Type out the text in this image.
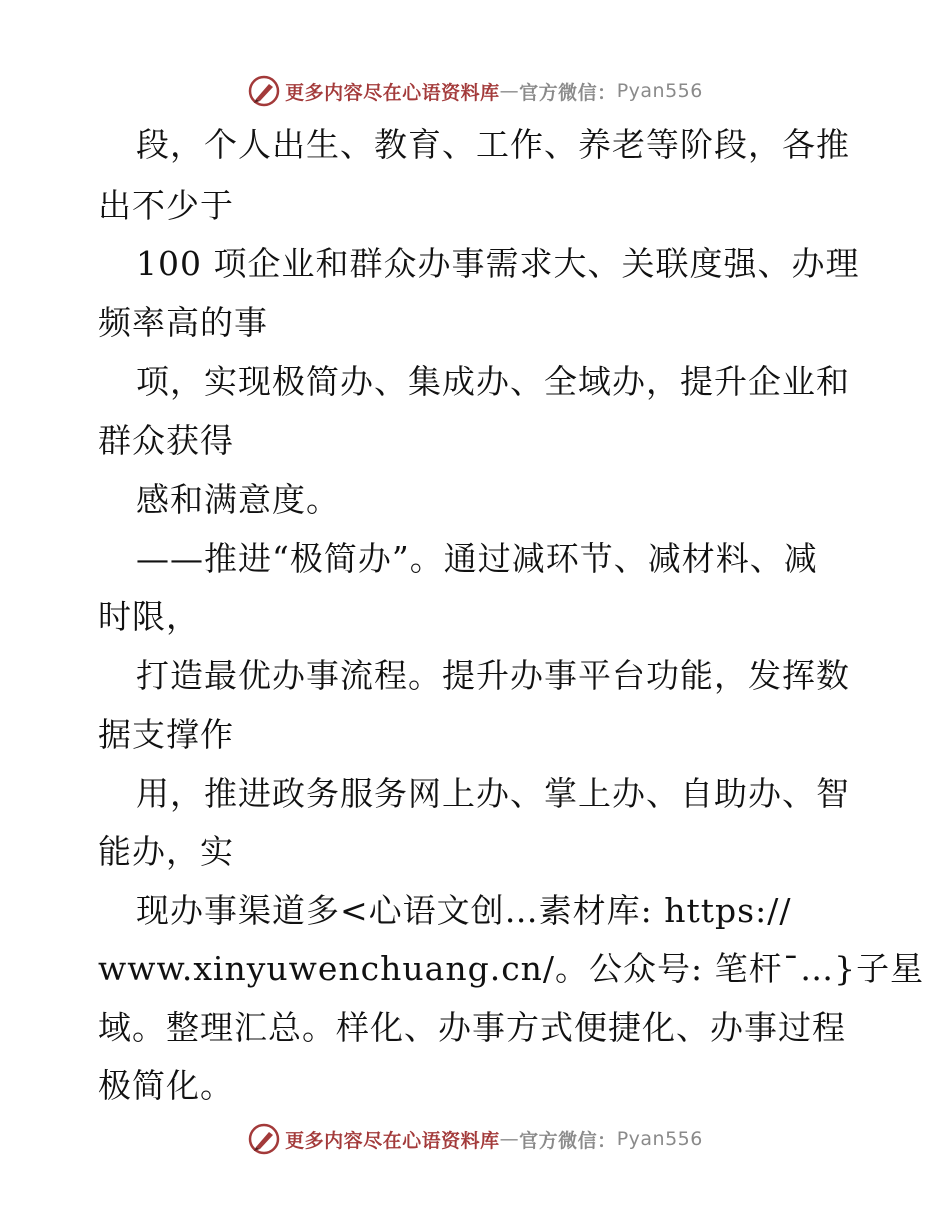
更多内容尽在心语资料库 — 官方微信： Pyan556
段，个人出生、教育、工作、养老等阶段，各推
出不少于
100 项企业和群众办事需求大、关联度强、办理
频率高的事
项，实现极简办、集成办、全域办，提升企业和
群众获得
感和满意度。
——推进“极简办”。通过减环节、减材料、减
时限，
打造最优办事流程。提升办事平台功能，发挥数
据支撑作
用，推进政务服务网上办、掌上办、自助办、智
能办，实
现办事渠道多<心语文创…素材库: https://
www.xinyuwenchuang.cn/。公众号: 笔杆¯…}子星
域。整理汇总。样化、办事方式便捷化、办事过程
极简化。
更多内容尽在心语资料库 — 官方微信： Pyan556
